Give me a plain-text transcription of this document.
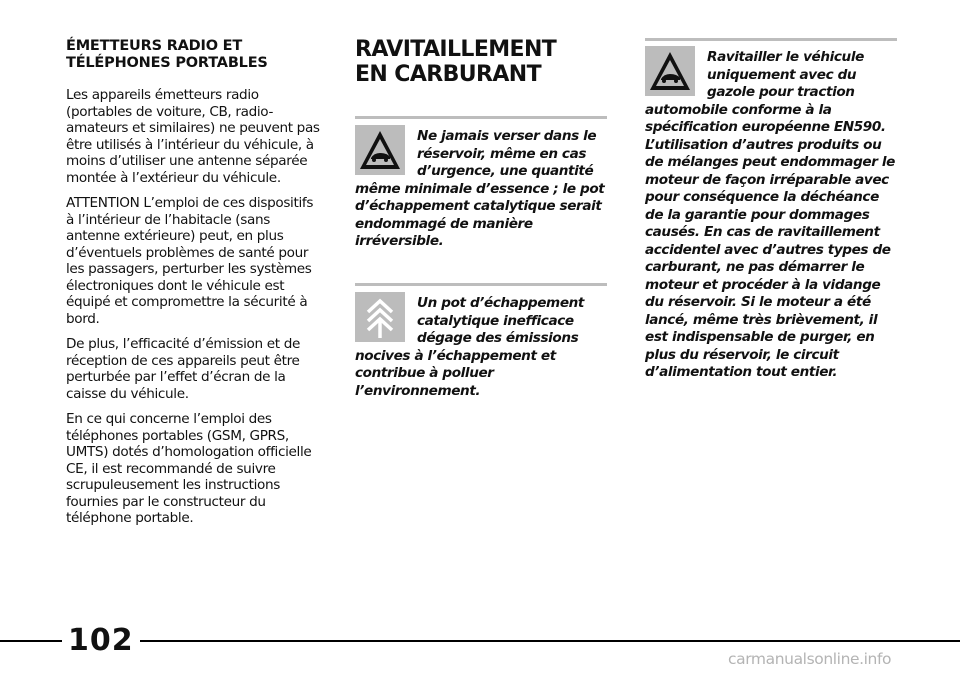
ÉMETTEURS RADIO ET TÉLÉPHONES PORTABLES

Les appareils émetteurs radio (portables de voiture, CB, radio-amateurs et similaires) ne peuvent pas être utilisés à l’intérieur du véhicule, à moins d’utiliser une antenne séparée montée à l’extérieur du véhicule.

ATTENTION L’emploi de ces dispositifs à l’intérieur de l’habitacle (sans antenne extérieure) peut, en plus d’éventuels problèmes de santé pour les passagers, perturber les systèmes électroniques dont le véhicule est équipé et compromettre la sécurité à bord.

De plus, l’efficacité d’émission et de réception de ces appareils peut être perturbée par l’effet d’écran de la caisse du véhicule.

En ce qui concerne l’emploi des téléphones portables (GSM, GPRS, UMTS) dotés d’homologation officielle CE, il est recommandé de suivre scrupuleusement les instructions fournies par le constructeur du téléphone portable.

RAVITAILLEMENT
EN CARBURANT
Ne jamais verser dans le réservoir, même en cas d’urgence, une quantité même minimale d’essence ; le pot d’échappement catalytique serait endommagé de manière irréversible.
Un pot d’échappement catalytique inefficace dégage des émissions nocives à l’échappement et contribue à polluer l’environnement.
Ravitailler le véhicule uniquement avec du gazole pour traction automobile conforme à la spécification européenne EN590. L’utilisation d’autres produits ou de mélanges peut endommager le moteur de façon irréparable avec pour conséquence la déchéance de la garantie pour dommages causés. En cas de ravitaillement accidentel avec d’autres types de carburant, ne pas démarrer le moteur et procéder à la vidange du réservoir. Si le moteur a été lancé, même très brièvement, il est indispensable de purger, en plus du réservoir, le circuit d’alimentation tout entier.
102
carmanualsonline.info
